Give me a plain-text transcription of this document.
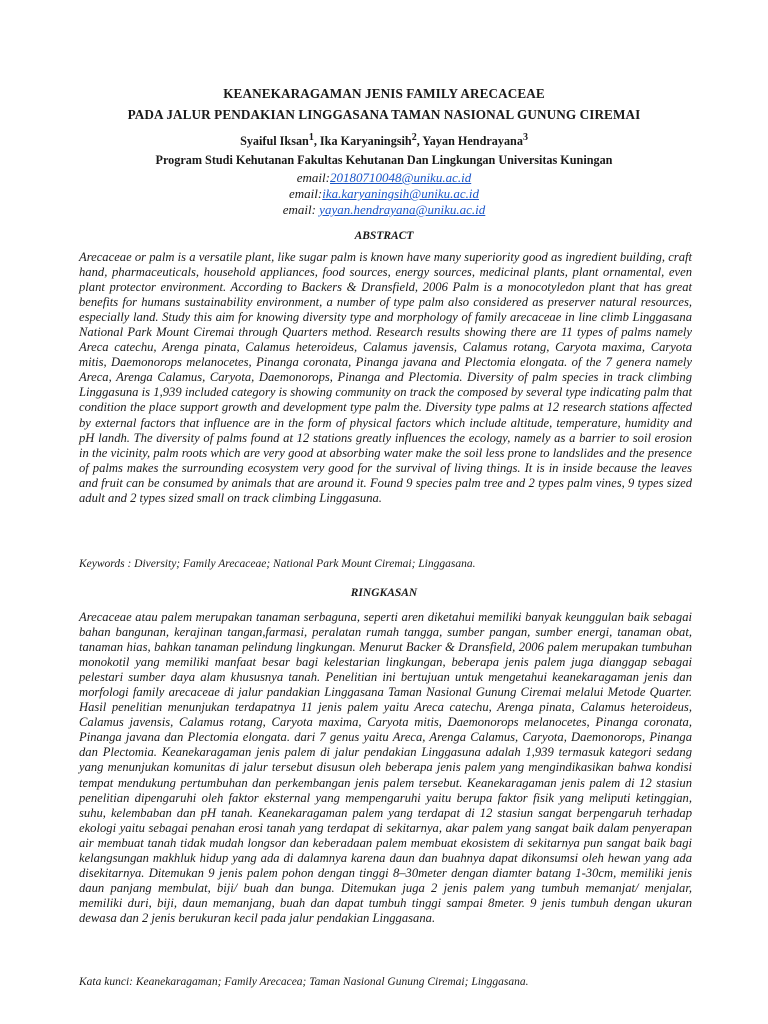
KEANEKARAGAMAN JENIS FAMILY ARECACEAE
PADA JALUR PENDAKIAN LINGGASANA TAMAN NASIONAL GUNUNG CIREMAI
Syaiful Iksan$^1$, Ika Karyaningsih$^2$, Yayan Hendrayana$^3$
Program Studi Kehutanan Fakultas Kehutanan Dan Lingkungan Universitas Kuningan
email:20180710048@uniku.ac.id
email:ika.karyaningsih@uniku.ac.id
email: yayan.hendrayana@uniku.ac.id
ABSTRACT
Arecaceae or palm is a versatile plant, like sugar palm is known have many superiority good as ingredient building, craft hand, pharmaceuticals, household appliances, food sources, energy sources, medicinal plants, plant ornamental, even plant protector environment. According to Backers & Dransfield, 2006 Palm is a monocotyledon plant that has great benefits for humans sustainability environment, a number of type palm also considered as preserver natural resources, especially land. Study this aim for knowing diversity type and morphology of family arecaceae in line climb Linggasana National Park Mount Ciremai through Quarters method. Research results showing there are 11 types of palms namely Areca catechu, Arenga pinata, Calamus heteroideus, Calamus javensis, Calamus rotang, Caryota maxima, Caryota mitis, Daemonorops melanocetes, Pinanga coronata, Pinanga javana and Plectomia elongata. of the 7 genera namely Areca, Arenga Calamus, Caryota, Daemonorops, Pinanga and Plectomia. Diversity of palm species in track climbing Linggasuna is 1,939 included category is showing community on track the composed by several type indicating palm that condition the place support growth and development type palm the. Diversity type palms at 12 research stations affected by external factors that influence are in the form of physical factors which include altitude, temperature, humidity and pH landh. The diversity of palms found at 12 stations greatly influences the ecology, namely as a barrier to soil erosion in the vicinity, palm roots which are very good at absorbing water make the soil less prone to landslides and the presence of palms makes the surrounding ecosystem very good for the survival of living things. It is in inside because the leaves and fruit can be consumed by animals that are around it. Found 9 species palm tree and 2 types palm vines, 9 types sized adult and 2 types sized small on track climbing Linggasuna.
Keywords : Diversity; Family Arecaceae; National Park Mount Ciremai; Linggasana.
RINGKASAN
Arecaceae atau palem merupakan tanaman serbaguna, seperti aren diketahui memiliki banyak keunggulan baik sebagai bahan bangunan, kerajinan tangan,farmasi, peralatan rumah tangga, sumber pangan, sumber energi, tanaman obat, tanaman hias, bahkan tanaman pelindung lingkungan. Menurut Backer & Dransfield, 2006 palem merupakan tumbuhan monokotil yang memiliki manfaat besar bagi kelestarian lingkungan, beberapa jenis palem juga dianggap sebagai pelestari sumber daya alam khususnya tanah. Penelitian ini bertujuan untuk mengetahui keanekaragaman jenis dan morfologi family arecaceae di jalur pandakian Linggasana Taman Nasional Gunung Ciremai melalui Metode Quarter. Hasil penelitian menunjukan terdapatnya 11 jenis palem yaitu Areca catechu, Arenga pinata, Calamus heteroideus, Calamus javensis, Calamus rotang, Caryota maxima, Caryota mitis, Daemonorops melanocetes, Pinanga coronata, Pinanga javana dan Plectomia elongata. dari 7 genus yaitu Areca, Arenga Calamus, Caryota, Daemonorops, Pinanga dan Plectomia. Keanekaragaman jenis palem di jalur pendakian Linggasuna adalah 1,939 termasuk kategori sedang yang menunjukan komunitas di jalur tersebut disusun oleh beberapa jenis palem yang mengindikasikan bahwa kondisi tempat mendukung pertumbuhan dan perkembangan jenis palem tersebut. Keanekaragaman jenis palem di 12 stasiun penelitian dipengaruhi oleh faktor eksternal yang mempengaruhi yaitu berupa faktor fisik yang meliputi ketinggian, suhu, kelembaban dan pH tanah. Keanekaragaman palem yang terdapat di 12 stasiun sangat berpengaruh terhadap ekologi yaitu sebagai penahan erosi tanah yang terdapat di sekitarnya, akar palem yang sangat baik dalam penyerapan air membuat tanah tidak mudah longsor dan keberadaan palem membuat ekosistem di sekitarnya pun sangat baik bagi kelangsungan makhluk hidup yang ada di dalamnya karena daun dan buahnya dapat dikonsumsi oleh hewan yang ada disekitarnya. Ditemukan 9 jenis palem pohon dengan tinggi 8–30meter dengan diamter batang 1-30cm, memiliki jenis daun panjang membulat, biji/ buah dan bunga. Ditemukan juga 2 jenis palem yang tumbuh memanjat/ menjalar, memiliki duri, biji, daun memanjang, buah dan dapat tumbuh tinggi sampai 8meter. 9 jenis tumbuh dengan ukuran dewasa dan 2 jenis berukuran kecil pada jalur pendakian Linggasana.
Kata kunci: Keanekaragaman; Family Arecacea; Taman Nasional Gunung Ciremai; Linggasana.
